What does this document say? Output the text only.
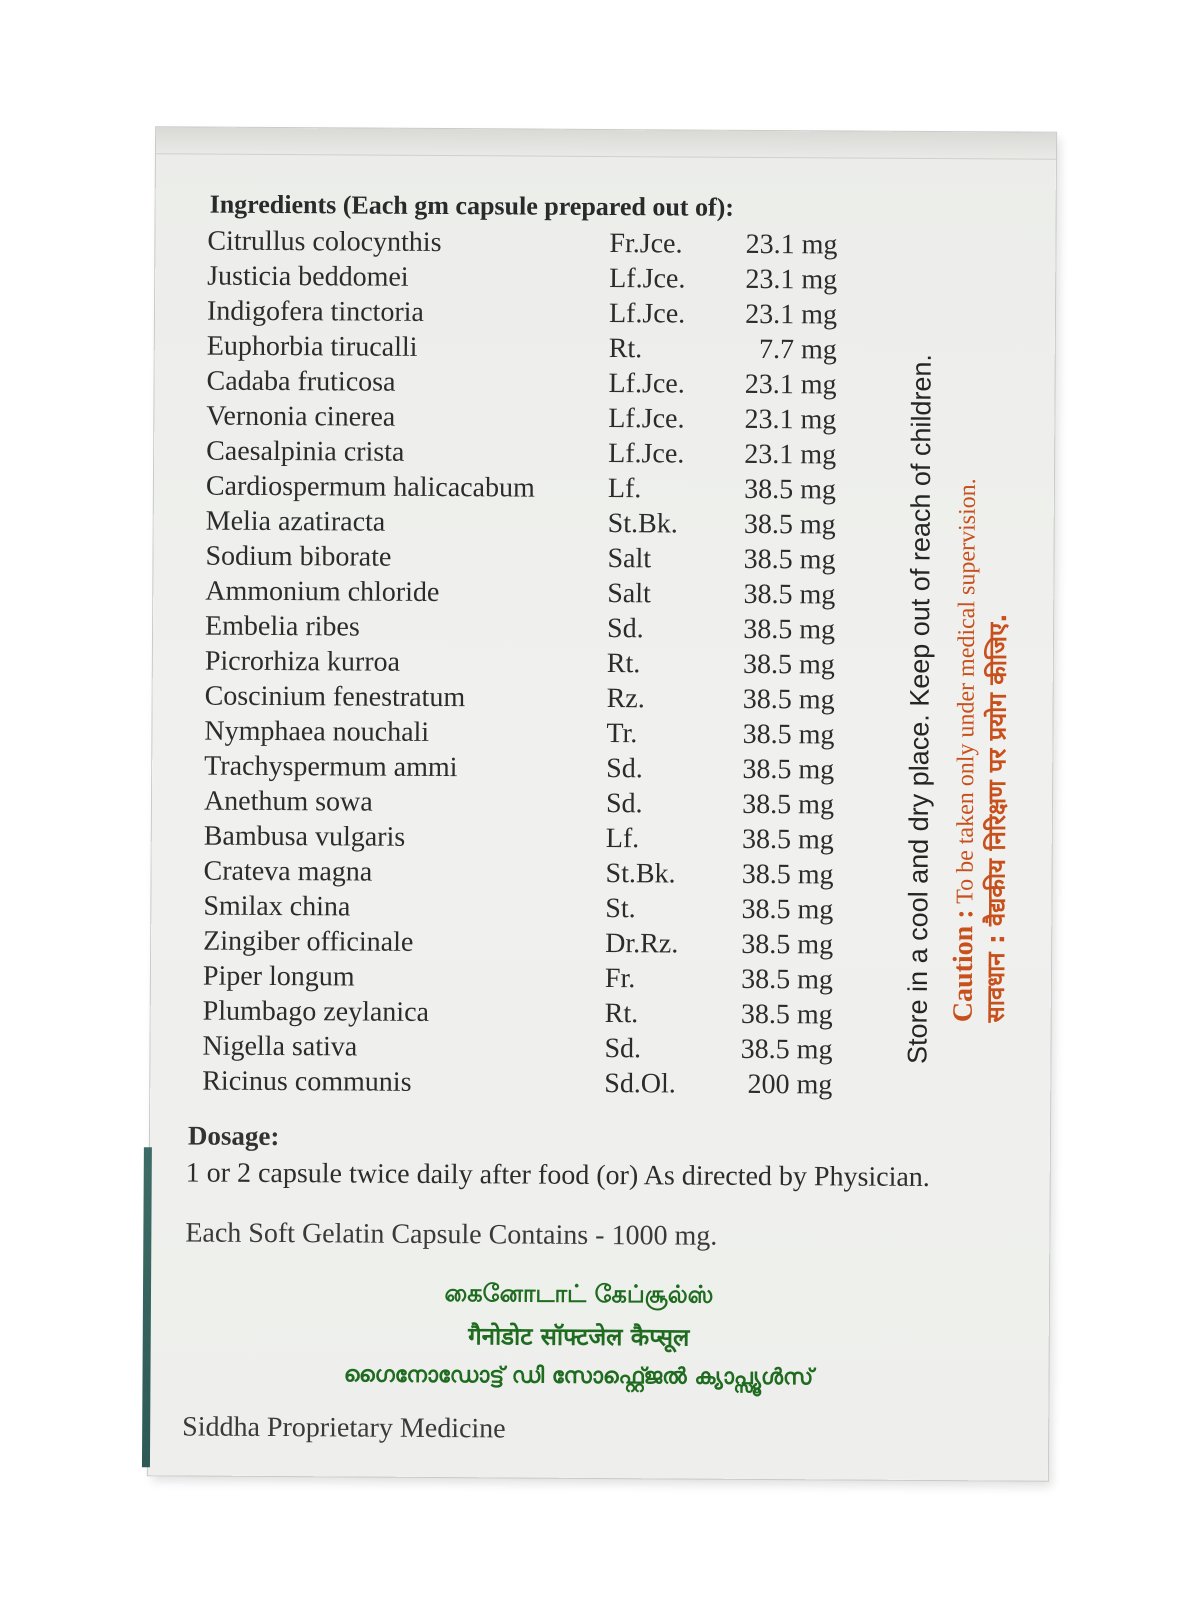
Ingredients (Each gm capsule prepared out of):
Citrullus colocynthis	Fr.Jce.	23.1 mg
Justicia beddomei	Lf.Jce.	23.1 mg
Indigofera tinctoria	Lf.Jce.	23.1 mg
Euphorbia tirucalli	Rt.	7.7 mg
Cadaba fruticosa	Lf.Jce.	23.1 mg
Vernonia cinerea	Lf.Jce.	23.1 mg
Caesalpinia crista	Lf.Jce.	23.1 mg
Cardiospermum halicacabum	Lf.	38.5 mg
Melia azatiracta	St.Bk.	38.5 mg
Sodium biborate	Salt	38.5 mg
Ammonium chloride	Salt	38.5 mg
Embelia ribes	Sd.	38.5 mg
Picrorhiza kurroa	Rt.	38.5 mg
Coscinium fenestratum	Rz.	38.5 mg
Nymphaea nouchali	Tr.	38.5 mg
Trachyspermum ammi	Sd.	38.5 mg
Anethum sowa	Sd.	38.5 mg
Bambusa vulgaris	Lf.	38.5 mg
Crateva magna	St.Bk.	38.5 mg
Smilax china	St.	38.5 mg
Zingiber officinale	Dr.Rz.	38.5 mg
Piper longum	Fr.	38.5 mg
Plumbago zeylanica	Rt.	38.5 mg
Nigella sativa	Sd.	38.5 mg
Ricinus communis	Sd.Ol.	200 mg
Dosage:
1 or 2 capsule twice daily after food (or) As directed by Physician.
Each Soft Gelatin Capsule Contains - 1000 mg.
கைனோடாட் கேப்சூல்ஸ்
गैनोडोट सॉफ्टजेल कैप्सूल
ഗൈനോഡോട്ട് ഡി സോഫ്റ്റ്ജെൽ ക്യാപ്സ്യൂൾസ്
Siddha Proprietary Medicine
Store in a cool and dry place. Keep out of reach of children. Caution : To be taken only under medical supervision. सावधान : वैद्यकीय निरिक्षण पर प्रयोग कीजिए.
